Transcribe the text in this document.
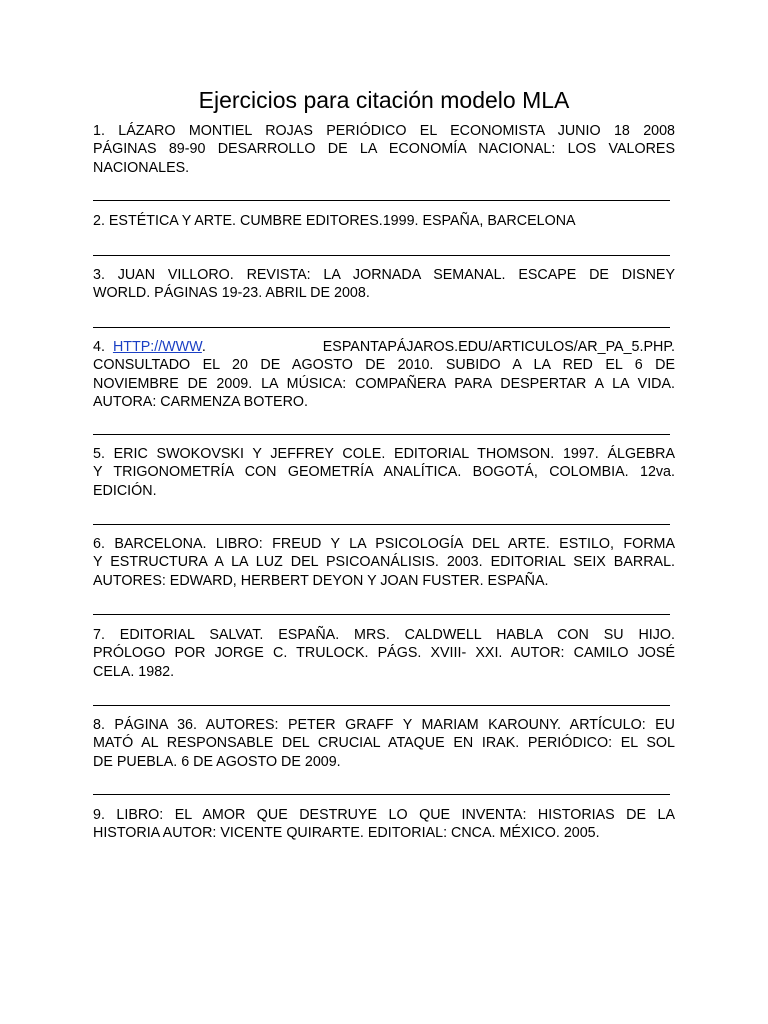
Ejercicios para citación modelo MLA
1. LÁZARO MONTIEL ROJAS PERIÓDICO EL ECONOMISTA JUNIO 18 2008
PÁGINAS 89-90 DESARROLLO DE LA ECONOMÍA NACIONAL: LOS VALORES
NACIONALES.
2. ESTÉTICA Y ARTE. CUMBRE EDITORES.1999. ESPAÑA, BARCELONA
3. JUAN VILLORO. REVISTA: LA JORNADA SEMANAL. ESCAPE DE DISNEY
WORLD. PÁGINAS 19-23. ABRIL DE 2008.
4. HTTP://WWW.	ESPANTAPÁJAROS.EDU/ARTICULOS/AR_PA_5.PHP.
CONSULTADO EL 20 DE AGOSTO DE 2010. SUBIDO A LA RED EL 6 DE
NOVIEMBRE DE 2009. LA MÚSICA: COMPAÑERA PARA DESPERTAR A LA VIDA.
AUTORA: CARMENZA BOTERO.
5. ERIC SWOKOVSKI Y JEFFREY COLE. EDITORIAL THOMSON. 1997. ÁLGEBRA
Y TRIGONOMETRÍA CON GEOMETRÍA ANALÍTICA. BOGOTÁ, COLOMBIA. 12va.
EDICIÓN.
6. BARCELONA. LIBRO: FREUD Y LA PSICOLOGÍA DEL ARTE. ESTILO, FORMA
Y ESTRUCTURA A LA LUZ DEL PSICOANÁLISIS. 2003. EDITORIAL SEIX BARRAL.
AUTORES: EDWARD, HERBERT DEYON Y JOAN FUSTER. ESPAÑA.
7. EDITORIAL SALVAT. ESPAÑA. MRS. CALDWELL HABLA CON SU HIJO.
PRÓLOGO POR JORGE C. TRULOCK. PÁGS. XVIII- XXI. AUTOR: CAMILO JOSÉ
CELA. 1982.
8. PÁGINA 36. AUTORES: PETER GRAFF Y MARIAM KAROUNY. ARTÍCULO: EU
MATÓ AL RESPONSABLE DEL CRUCIAL ATAQUE EN IRAK. PERIÓDICO: EL SOL
DE PUEBLA. 6 DE AGOSTO DE 2009.
9. LIBRO: EL AMOR QUE DESTRUYE LO QUE INVENTA: HISTORIAS DE LA
HISTORIA AUTOR: VICENTE QUIRARTE. EDITORIAL: CNCA. MÉXICO. 2005.
